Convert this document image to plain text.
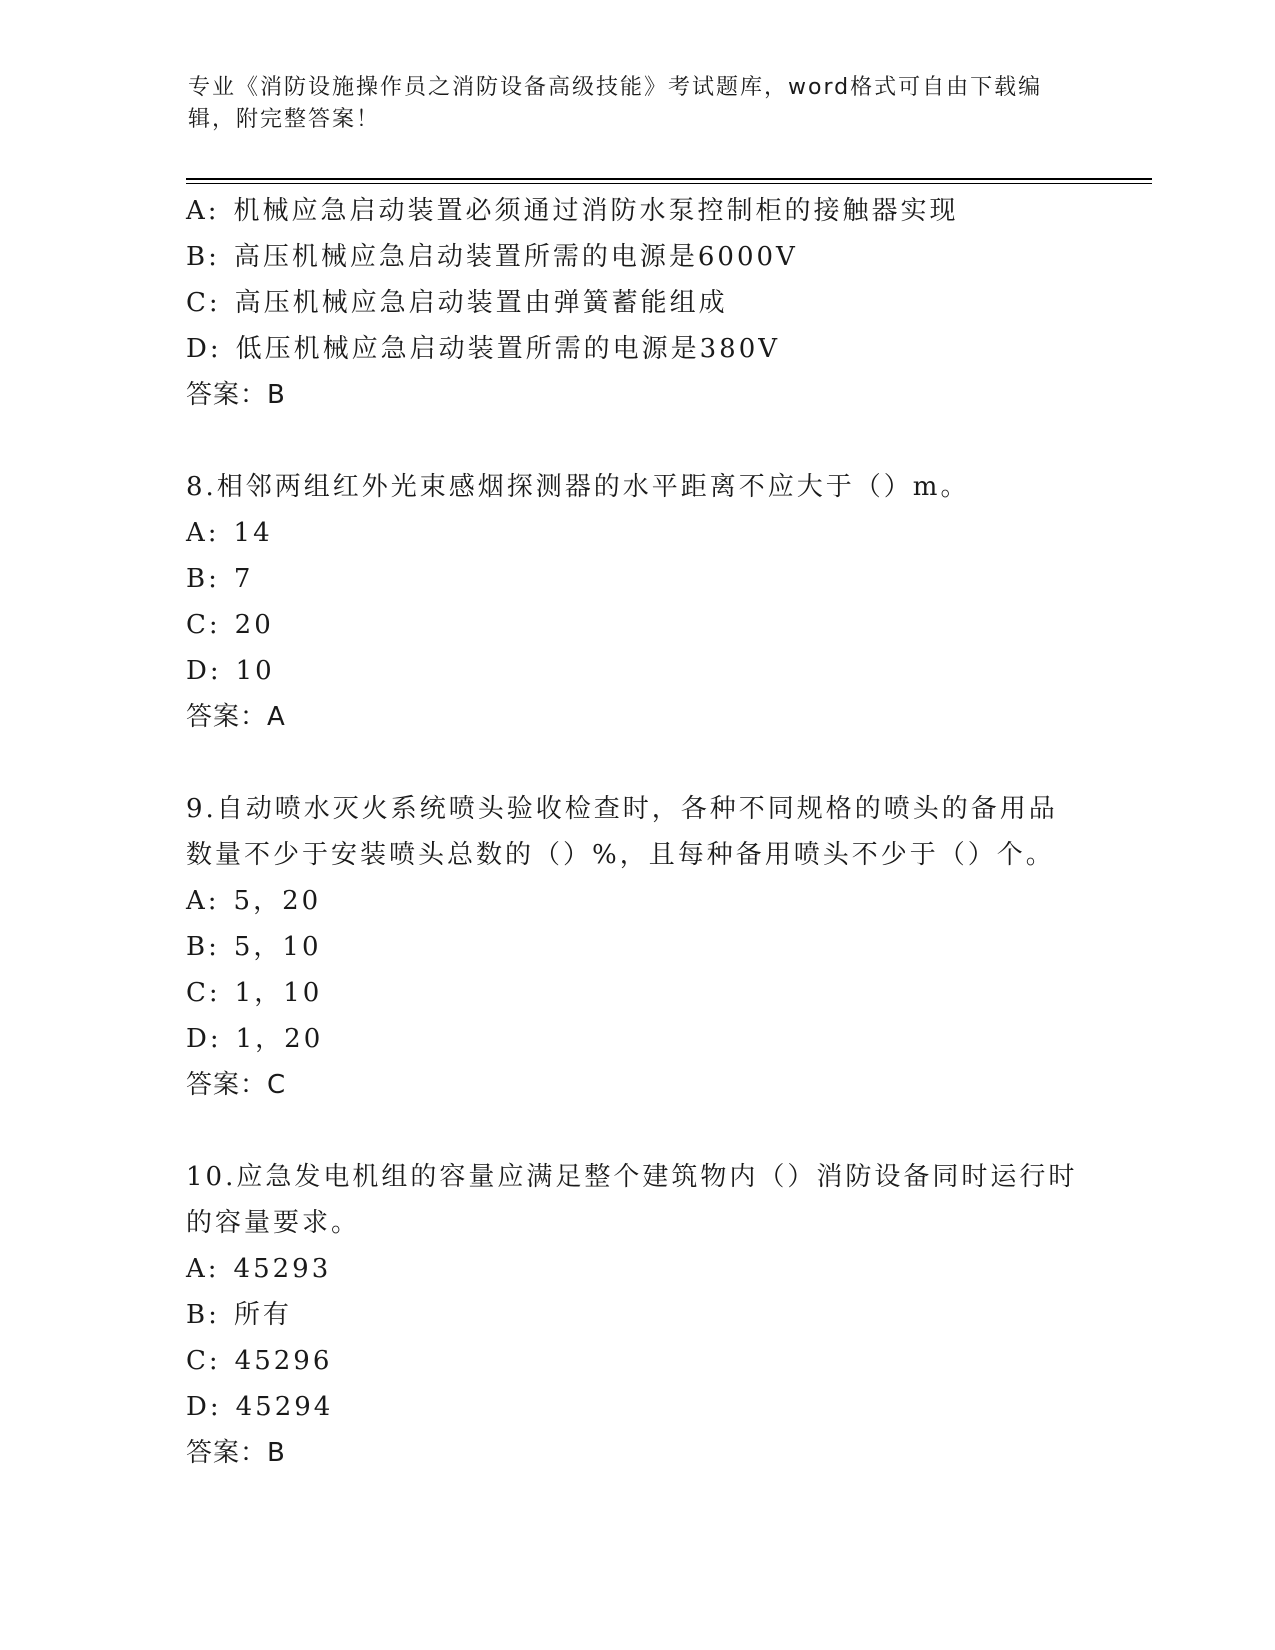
专业《消防设施操作员之消防设备高级技能》考试题库，word格式可自由下载编辑，附完整答案！
A: 机械应急启动装置必须通过消防水泵控制柜的接触器实现
B: 高压机械应急启动装置所需的电源是6000V
C: 高压机械应急启动装置由弹簧蓄能组成
D: 低压机械应急启动装置所需的电源是380V
答案：B
8.相邻两组红外光束感烟探测器的水平距离不应大于（）m。
A: 14
B: 7
C: 20
D: 10
答案：A
9.自动喷水灭火系统喷头验收检查时，各种不同规格的喷头的备用品
数量不少于安装喷头总数的（）%，且每种备用喷头不少于（）个。
A: 5，20
B: 5，10
C: 1，10
D: 1，20
答案：C
10.应急发电机组的容量应满足整个建筑物内（）消防设备同时运行时
的容量要求。
A: 45293
B: 所有
C: 45296
D: 45294
答案：B
